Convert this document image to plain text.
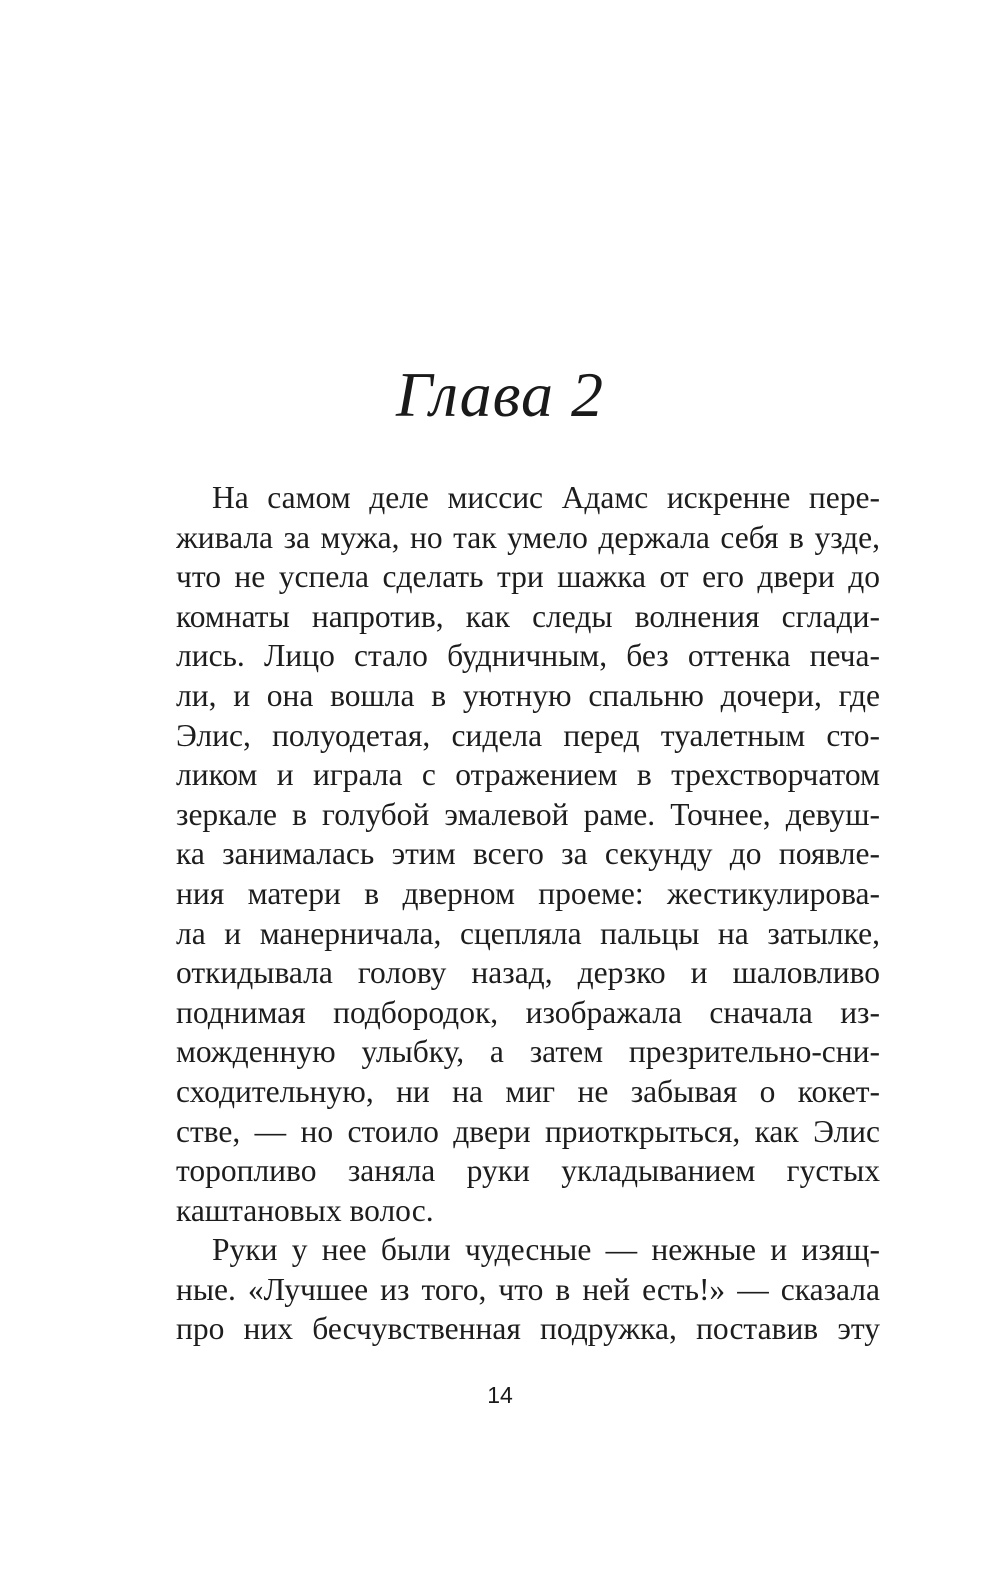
Глава 2
На самом деле миссис Адамс искренне пере-
живала за мужа, но так умело держала себя в узде,
что не успела сделать три шажка от его двери до
комнаты напротив, как следы волнения сглади-
лись. Лицо стало будничным, без оттенка печа-
ли, и она вошла в уютную спальню дочери, где
Элис, полуодетая, сидела перед туалетным сто-
ликом и играла с отражением в трехстворчатом
зеркале в голубой эмалевой раме. Точнее, девуш-
ка занималась этим всего за секунду до появле-
ния матери в дверном проеме: жестикулирова-
ла и манерничала, сцепляла пальцы на затылке,
откидывала голову назад, дерзко и шаловливо
поднимая подбородок, изображала сначала из-
можденную улыбку, а затем презрительно-сни-
сходительную, ни на миг не забывая о кокет-
стве, — но стоило двери приоткрыться, как Элис
торопливо заняла руки укладыванием густых
каштановых волос.
Руки у нее были чудесные — нежные и изящ-
ные. «Лучшее из того, что в ней есть!» — сказала
про них бесчувственная подружка, поставив эту
14
